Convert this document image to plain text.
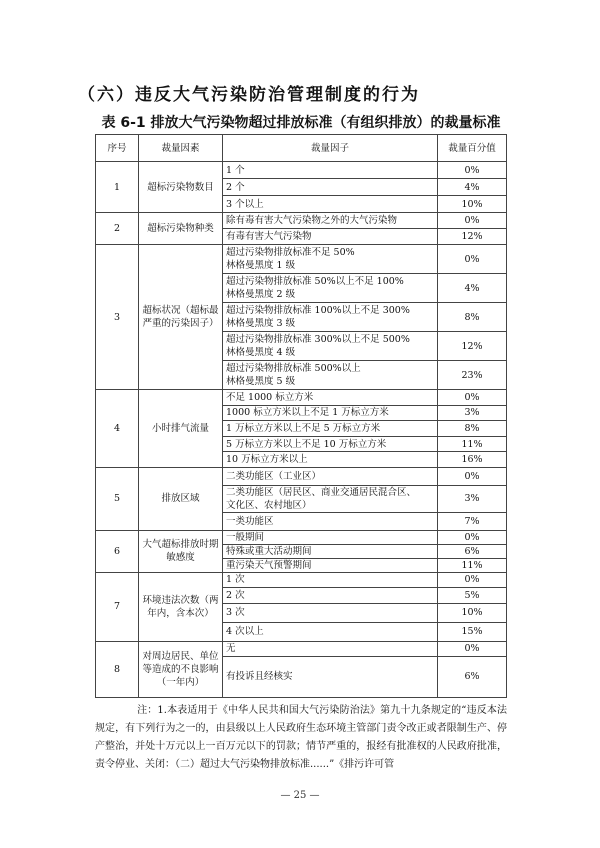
（六）违反大气污染防治管理制度的行为
表 6-1 排放大气污染物超过排放标准（有组织排放）的裁量标准
序号	裁量因素	裁量因子	裁量百分值
1	超标污染物数目	1 个	0%
		2 个	4%
		3 个以上	10%
2	超标污染物种类	除有毒有害大气污染物之外的大气污染物	0%
		有毒有害大气污染物	12%
3	超标状况（超标最严重的污染因子）	超过污染物排放标准不足 50%
林格曼黑度 1 级	0%
		超过污染物排放标准 50%以上不足 100%
林格曼黑度 2 级	4%
		超过污染物排放标准 100%以上不足 300%
林格曼黑度 3 级	8%
		超过污染物排放标准 300%以上不足 500%
林格曼黑度 4 级	12%
		超过污染物排放标准 500%以上
林格曼黑度 5 级	23%
4	小时排气流量	不足 1000 标立方米	0%
		1000 标立方米以上不足 1 万标立方米	3%
		1 万标立方米以上不足 5 万标立方米	8%
		5 万标立方米以上不足 10 万标立方米	11%
		10 万标立方米以上	16%
5	排放区域	二类功能区（工业区）	0%
		二类功能区（居民区、商业交通居民混合区、
文化区、农村地区）	3%
		一类功能区	7%
6	大气超标排放时期敏感度	一般期间	0%
		特殊或重大活动期间	6%
		重污染天气预警期间	11%
7	环境违法次数（两年内，含本次）	1 次	0%
		2 次	5%
		3 次	10%
		4 次以上	15%
8	对周边居民、单位等造成的不良影响（一年内）	无	0%
		有投诉且经核实	6%
注：1.本表适用于《中华人民共和国大气污染防治法》第九十九条规定的“违反本法规定，有下列行为之一的，由县级以上人民政府生态环境主管部门责令改正或者限制生产、停产整治，并处十万元以上一百万元以下的罚款；情节严重的，报经有批准权的人民政府批准，责令停业、关闭：（二）超过大气污染物排放标准......”《排污许可管
— 25 —
